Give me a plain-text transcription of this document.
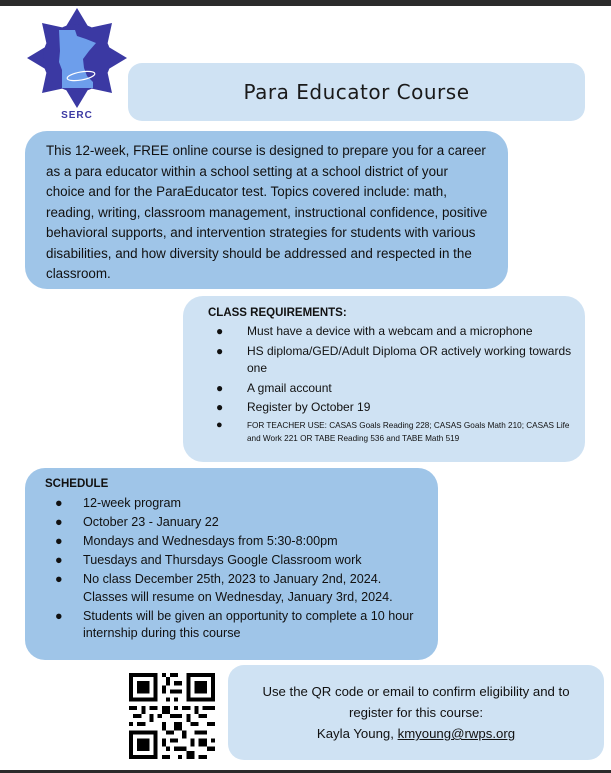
SERC
Para Educator Course
This 12-week, FREE online course is designed to prepare you for a career as a para educator within a school setting at a school district of your choice and for the ParaEducator test. Topics covered include: math, reading, writing, classroom management, instructional confidence, positive behavioral supports, and intervention strategies for students with various disabilities, and how diversity should be addressed and respected in the classroom.
CLASS REQUIREMENTS:
● Must have a device with a webcam and a microphone
● HS diploma/GED/Adult Diploma OR actively working towards one
● A gmail account
● Register by October 19
●	FOR TEACHER USE: CASAS Goals Reading 228; CASAS Goals Math 210; CASAS Life and Work 221 OR TABE Reading 536 and TABE Math 519
SCHEDULE
● 12-week program
● October 23 - January 22
● Mondays and Wednesdays from 5:30-8:00pm
● Tuesdays and Thursdays Google Classroom work
● No class December 25th, 2023 to January 2nd, 2024. Classes will resume on Wednesday, January 3rd, 2024.
● Students will be given an opportunity to complete a 10 hour internship during this course
Use the QR code or email to confirm eligibility and to register for this course:
Kayla Young, kmyoung@rwps.org
